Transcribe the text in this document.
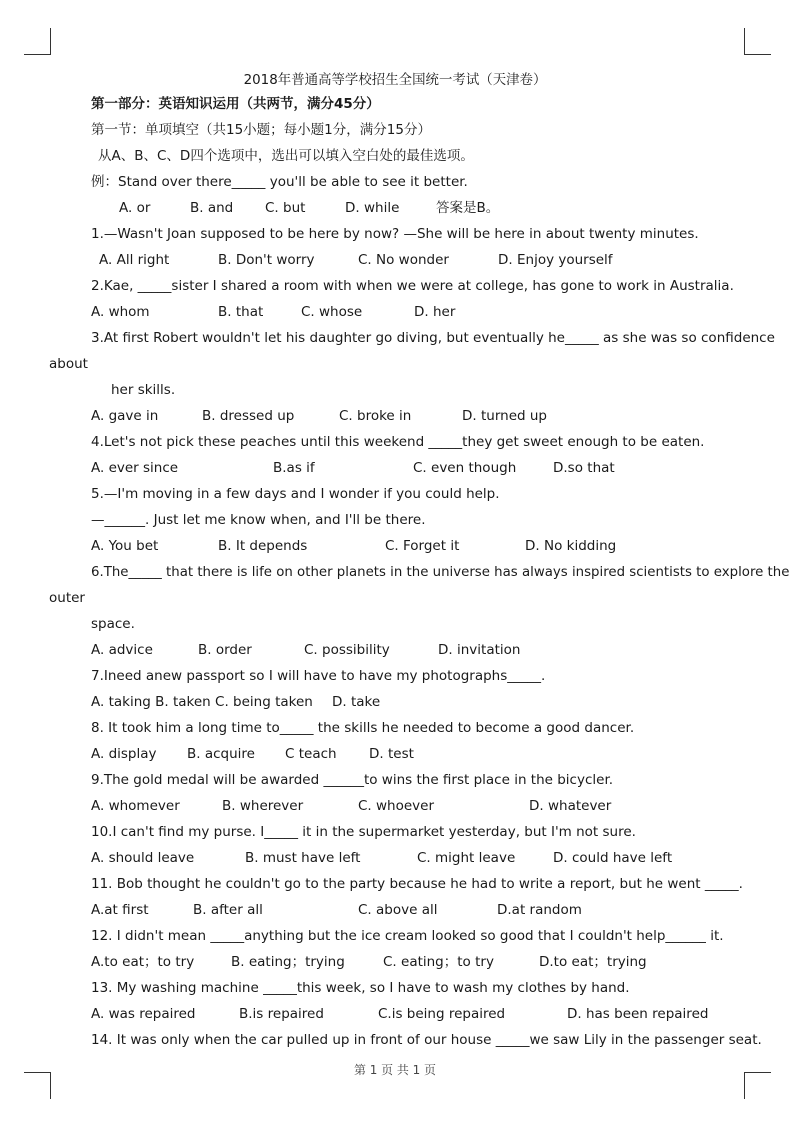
2018年普通高等学校招生全国统一考试（天津卷）
第一部分：英语知识运用（共两节，满分45分）
第一节：单项填空（共15小题；每小题1分，满分15分）
从A、B、C、D四个选项中，选出可以填入空白处的最佳选项。
例：Stand over there_____ you'll be able to see it better.
A. or	B. and C. but	D. while	答案是B。
1.—Wasn't Joan supposed to be here by now? —She will be here in about twenty minutes.
A. All right	B. Don't worry	C. No wonder	D. Enjoy yourself
2.Kae, _____sister I shared a room with when we were at college, has gone to work in Australia.
A. whom	B. that	C. whose	D. her
3.At first Robert wouldn't let his daughter go diving, but eventually he_____ as she was so confidence
about
her skills.
A. gave in	B. dressed up	C. broke in	D. turned up
4.Let's not pick these peaches until this weekend _____they get sweet enough to be eaten.
A. ever since	B.as if	C. even though	D.so that
5.—I'm moving in a few days and I wonder if you could help.
—______. Just let me know when, and I'll be there.
A. You bet	B. It depends	C. Forget it	D. No kidding
6.The_____ that there is life on other planets in the universe has always inspired scientists to explore the
outer
space.
A. advice	B. order	C. possibility	D. invitation
7.Ineed anew passport so I will have to have my photographs_____.
A. taking B. taken C. being taken D. take
8. It took him a long time to_____ the skills he needed to become a good dancer.
A. display B. acquire C teach D. test
9.The gold medal will be awarded ______to wins the first place in the bicycler.
A. whomever	B. wherever	C. whoever	D. whatever
10.I can't find my purse. I_____ it in the supermarket yesterday, but I'm not sure.
A. should leave	B. must have left	C. might leave	D. could have left
11. Bob thought he couldn't go to the party because he had to write a report, but he went _____.
A.at first	B. after all	C. above all	D.at random
12. I didn't mean _____anything but the ice cream looked so good that I couldn't help______ it.
A.to eat；to try	B. eating；trying	C. eating；to try	D.to eat；trying
13. My washing machine _____this week, so I have to wash my clothes by hand.
A. was repaired	B.is repaired	C.is being repaired	D. has been repaired
14. It was only when the car pulled up in front of our house _____we saw Lily in the passenger seat.
第 1 页 共 1 页
